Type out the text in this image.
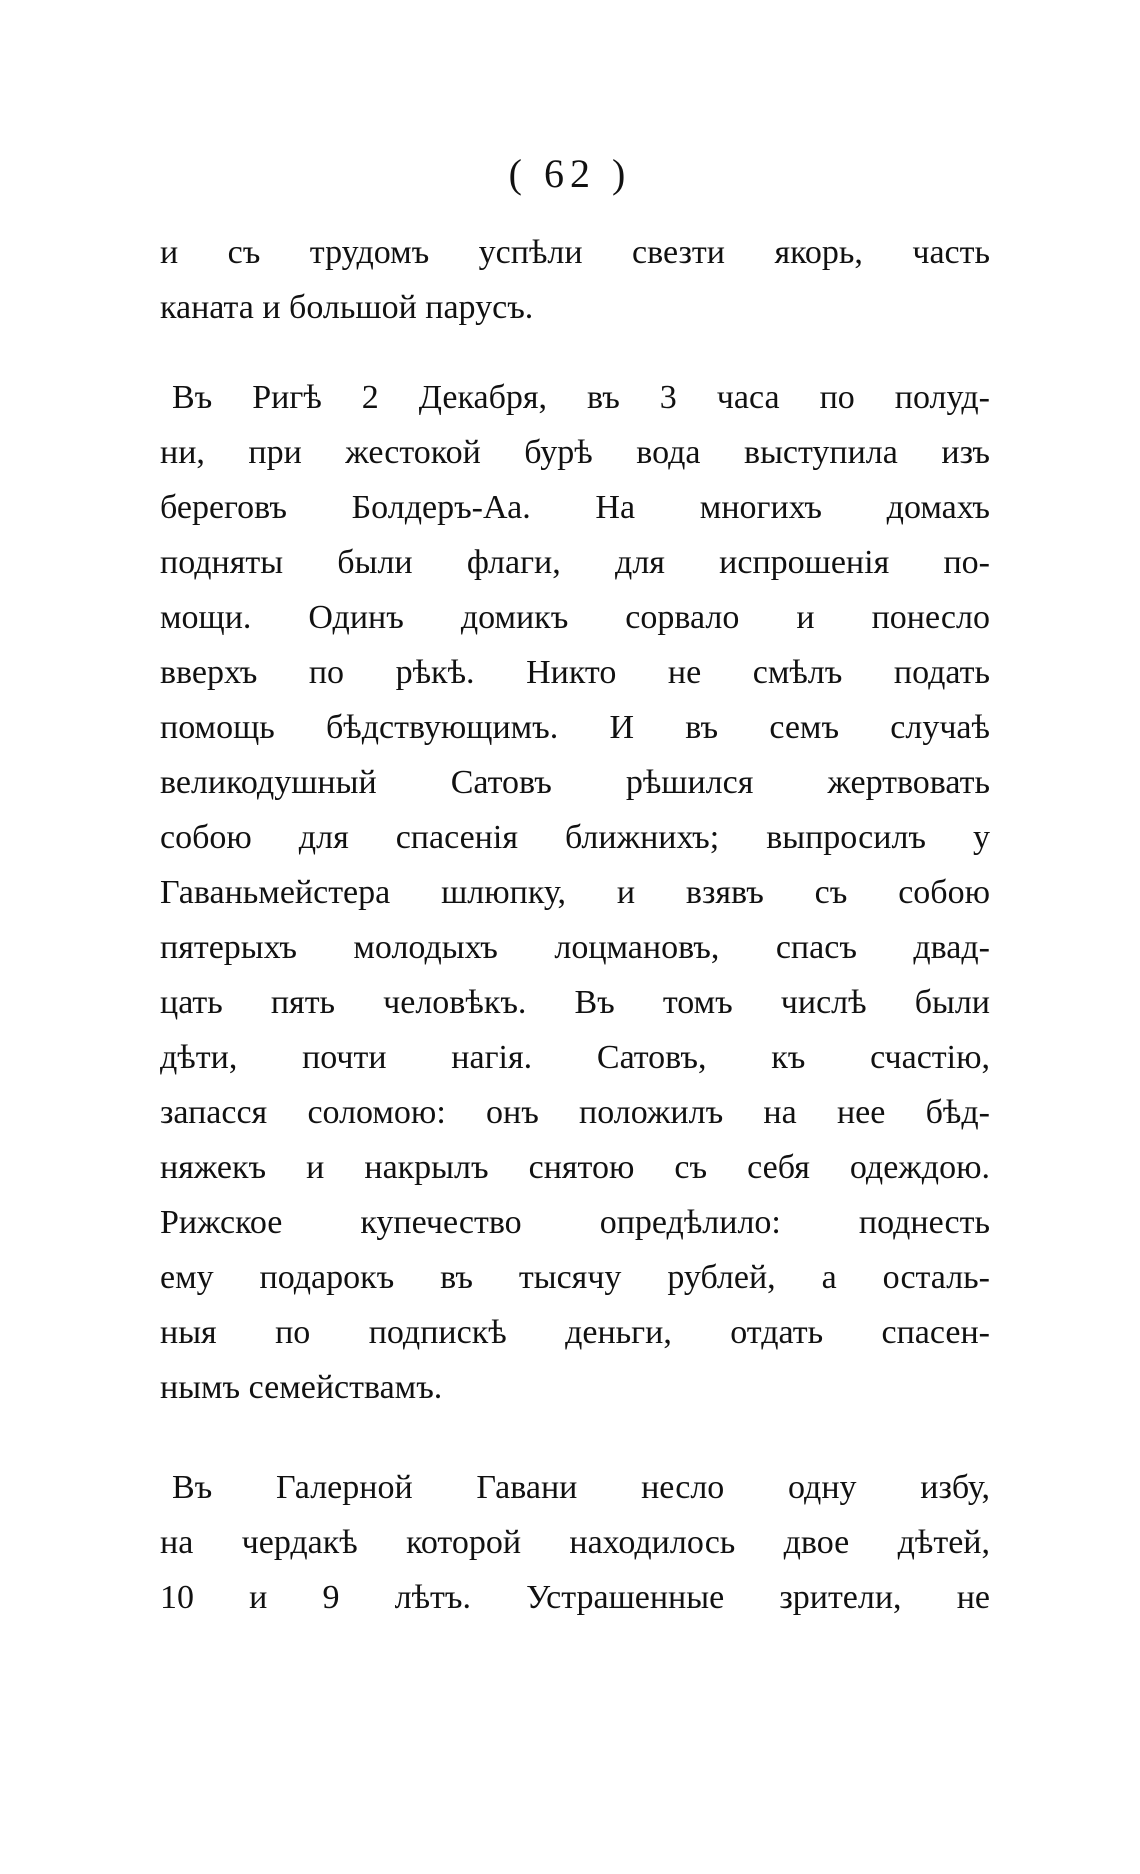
( 62 )
и съ трудомъ успѣли свезти якорь, часть
каната и большой парусъ.
Въ Ригѣ 2 Декабря, въ 3 часа по полуд-
ни, при жестокой бурѣ вода выступила изъ
береговъ Болдеръ-Аа. На многихъ домахъ
подняты были флаги, для испрошенія по-
мощи. Одинъ домикъ сорвало и понесло
вверхъ по рѣкѣ. Никто не смѣлъ подать
помощь бѣдствующимъ. И въ семъ случаѣ
великодушный Сатовъ рѣшился жертвовать
собою для спасенія ближнихъ; выпросилъ у
Гаваньмейстера шлюпку, и взявъ съ собою
пятерыхъ молодыхъ лоцмановъ, спасъ двад-
цать пять человѣкъ. Въ томъ числѣ были
дѣти, почти нагія. Сатовъ, къ счастію,
запасся соломою: онъ положилъ на нее бѣд-
няжекъ и накрылъ снятою съ себя одеждою.
Рижское купечество опредѣлило: поднесть
ему подарокъ въ тысячу рублей, а осталь-
ныя по подпискѣ деньги, отдать спасен-
нымъ семействамъ.
Въ Галерной Гавани несло одну избу,
на чердакѣ которой находилось двое дѣтей,
10 и 9 лѣтъ. Устрашенные зрители, не
